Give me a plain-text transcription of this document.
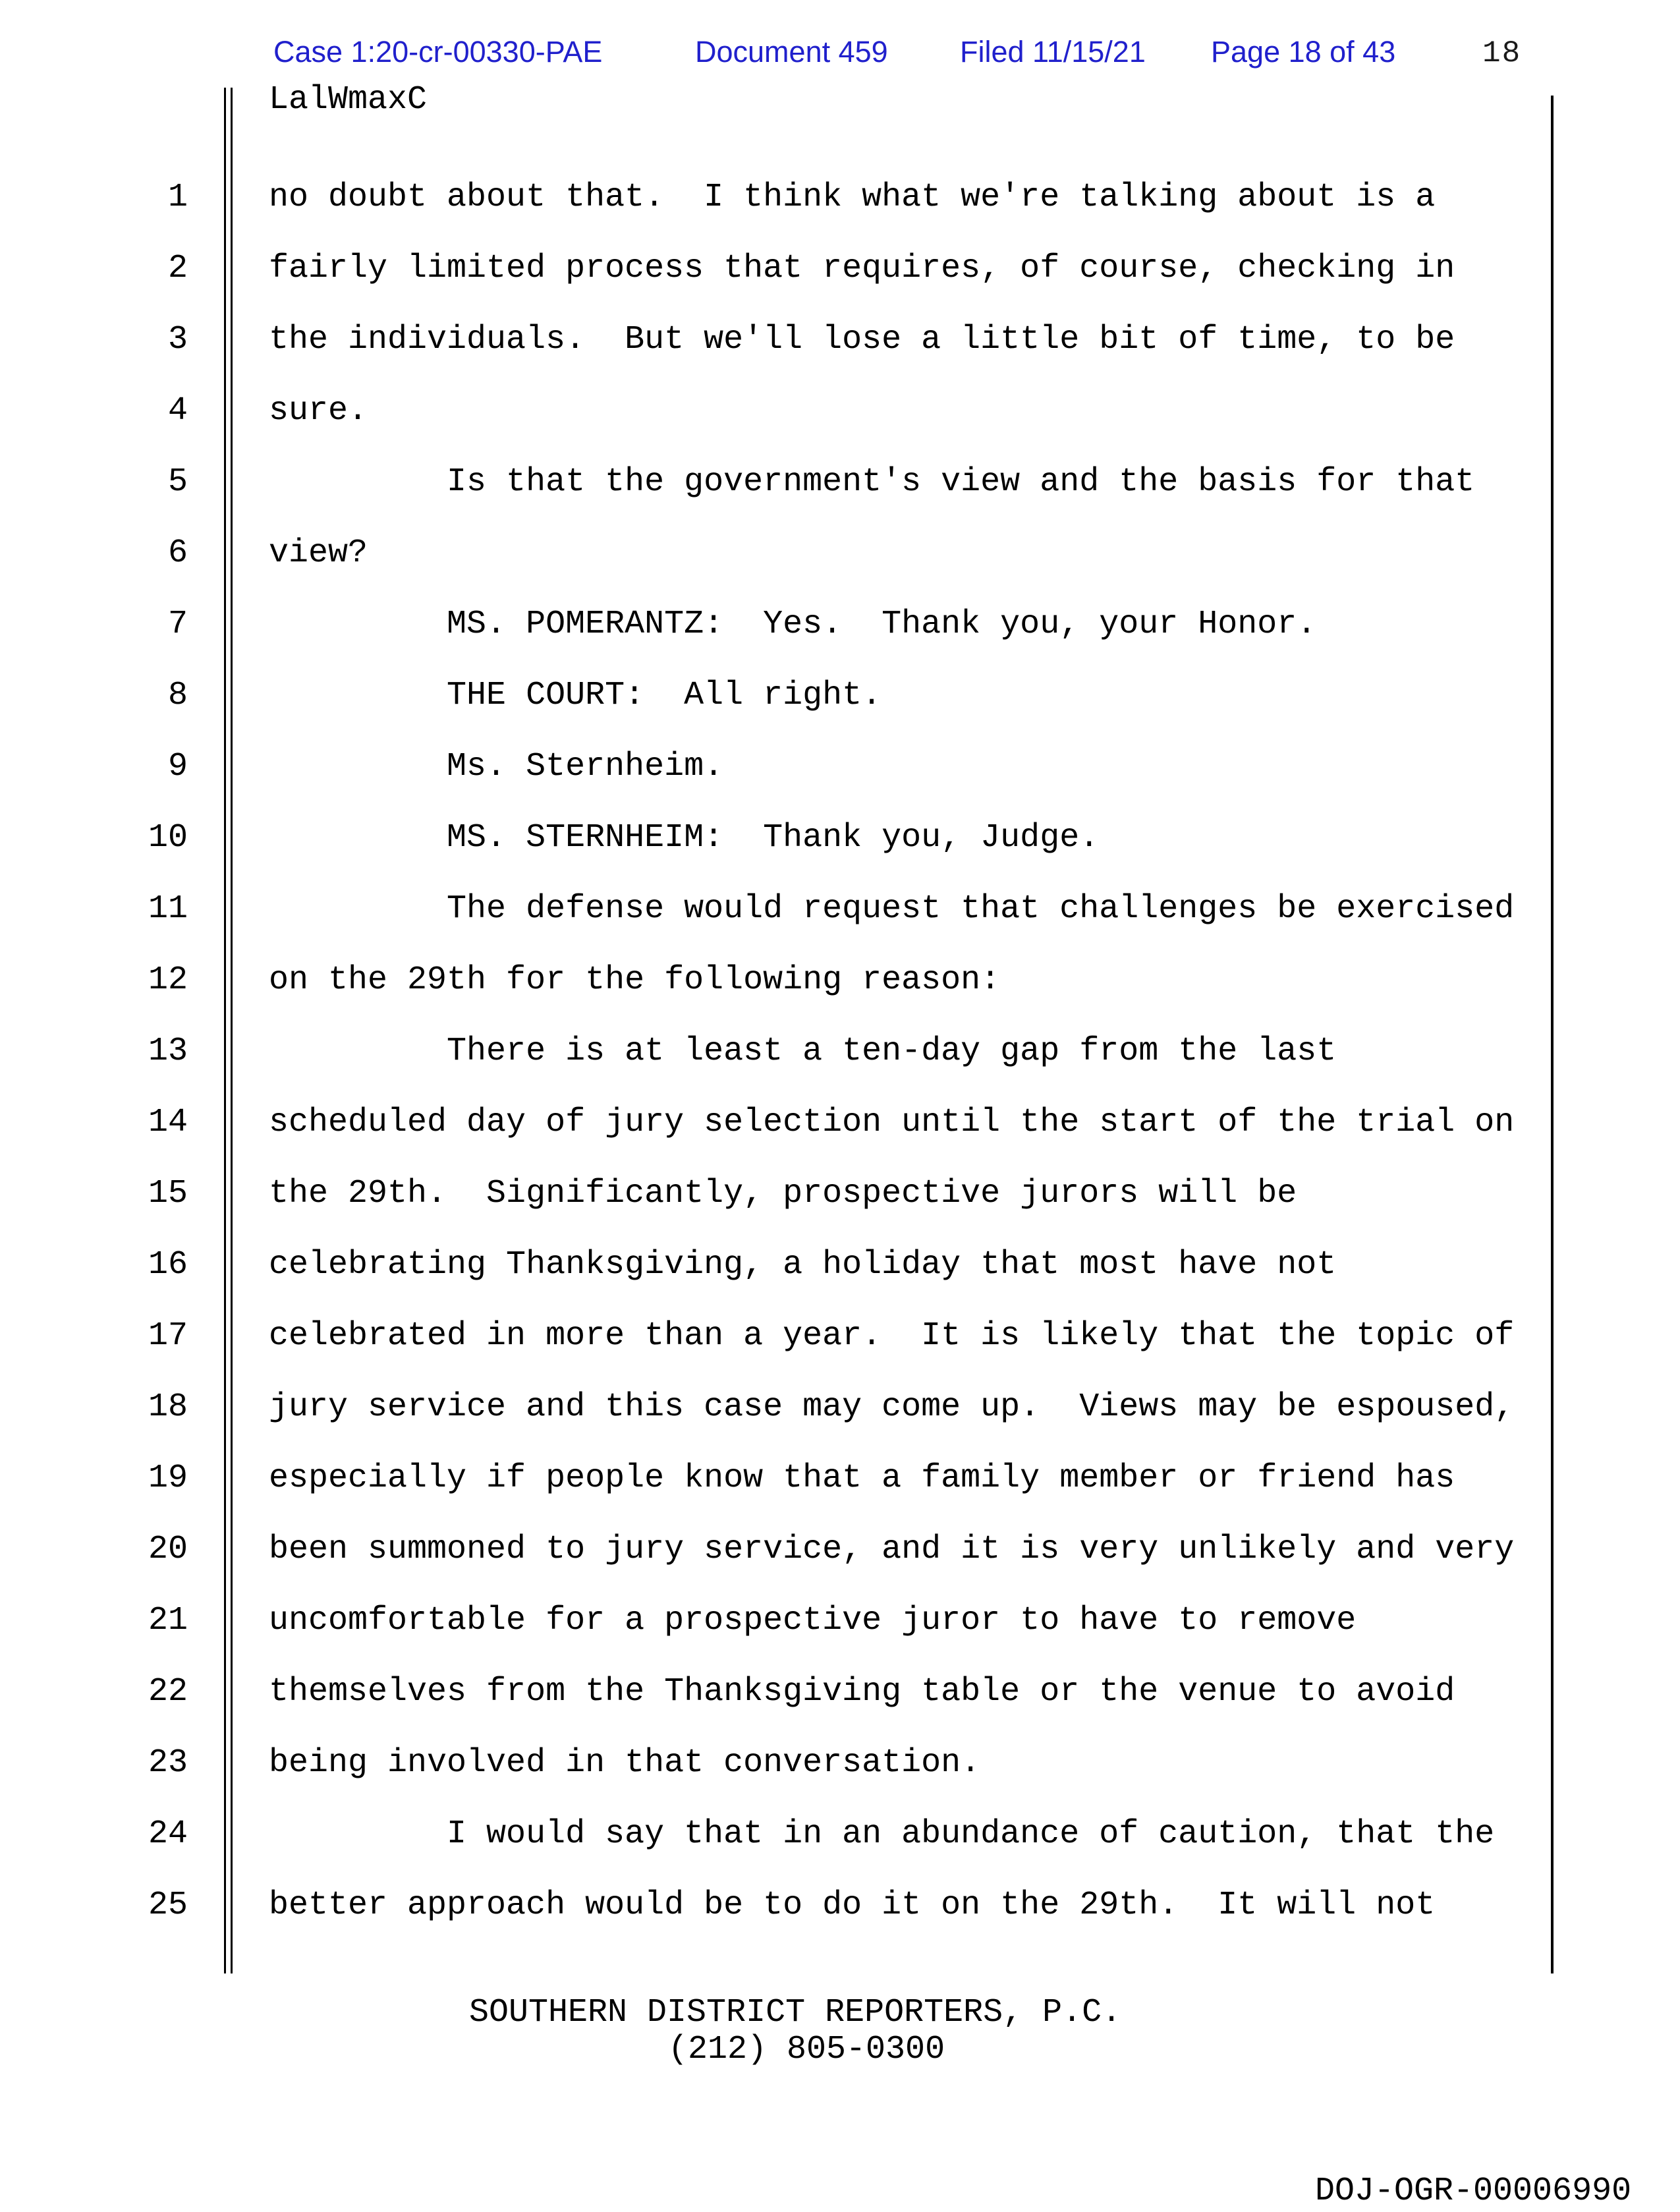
Case 1:20-cr-00330-PAE	Document 459 Filed 11/15/21 Page 18 of 43	18
LalWmaxC
1 no doubt about that.  I think what we're talking about is a
2 fairly limited process that requires, of course, checking in
3 the individuals.  But we'll lose a little bit of time, to be
4 sure.
5 Is that the government's view and the basis for that
6 view?
7 MS. POMERANTZ:  Yes.  Thank you, your Honor.
8 THE COURT:  All right.
9 Ms. Sternheim.
10 MS. STERNHEIM:  Thank you, Judge.
11 The defense would request that challenges be exercised
12 on the 29th for the following reason:
13 There is at least a ten-day gap from the last
14 scheduled day of jury selection until the start of the trial on
15 the 29th.  Significantly, prospective jurors will be
16 celebrating Thanksgiving, a holiday that most have not
17 celebrated in more than a year.  It is likely that the topic of
18 jury service and this case may come up.  Views may be espoused,
19 especially if people know that a family member or friend has
20 been summoned to jury service, and it is very unlikely and very
21 uncomfortable for a prospective juror to have to remove
22 themselves from the Thanksgiving table or the venue to avoid
23 being involved in that conversation.
24 I would say that in an abundance of caution, that the
25 better approach would be to do it on the 29th.  It will not
SOUTHERN DISTRICT REPORTERS, P.C.
(212) 805-0300
DOJ-OGR-00006990
